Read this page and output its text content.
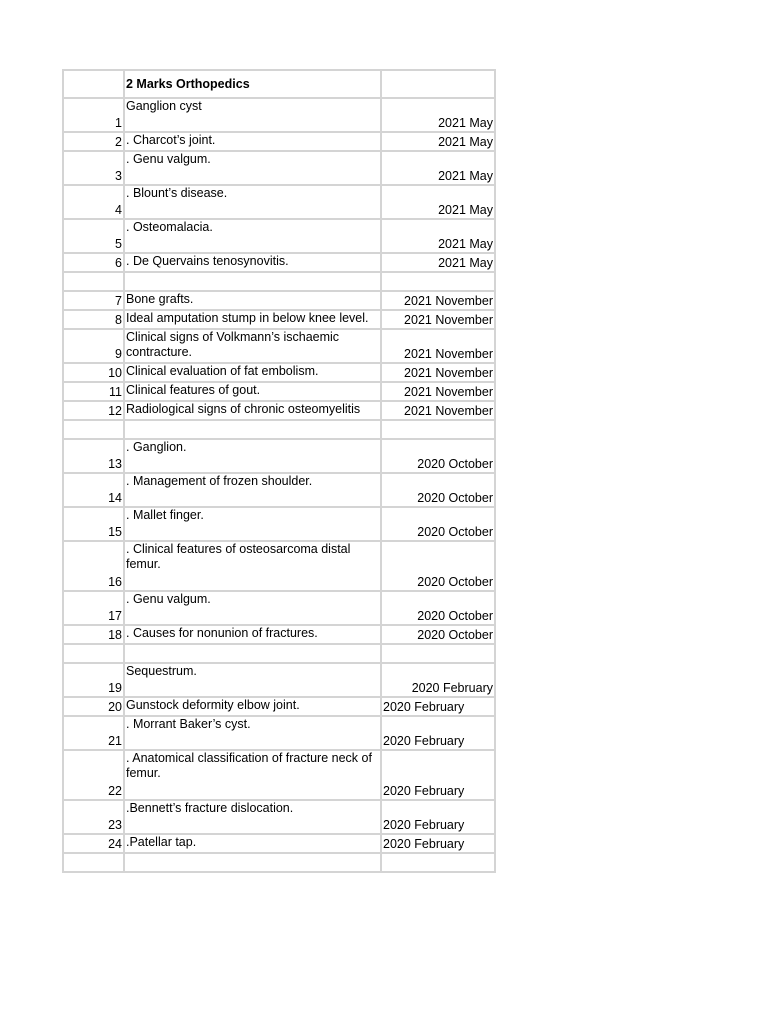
	2 Marks Orthopedics	
1	Ganglion cyst	2021 May
2	. Charcot’s joint.	2021 May
3	. Genu valgum.	2021 May
4	. Blount’s disease.	2021 May
5	. Osteomalacia.	2021 May
6	. De Quervains tenosynovitis.	2021 May

7	Bone grafts.	2021 November
8	Ideal amputation stump in below knee level.	2021 November
9	Clinical signs of Volkmann’s ischaemic contracture.	2021 November
10	Clinical evaluation of fat embolism.	2021 November
11	Clinical features of gout.	2021 November
12	Radiological signs of chronic osteomyelitis	2021 November

13	. Ganglion.	2020 October
14	. Management of frozen shoulder.	2020 October
15	. Mallet finger.	2020 October
16	. Clinical features of osteosarcoma distal femur.	2020 October
17	. Genu valgum.	2020 October
18	. Causes for nonunion of fractures.	2020 October

19	Sequestrum.	2020 February
20	Gunstock deformity elbow joint.	2020 February
21	. Morrant Baker’s cyst.	2020 February
22	. Anatomical classification of fracture neck of femur.	2020 February
23	.Bennett’s fracture dislocation.	2020 February
24	.Patellar tap.	2020 February
